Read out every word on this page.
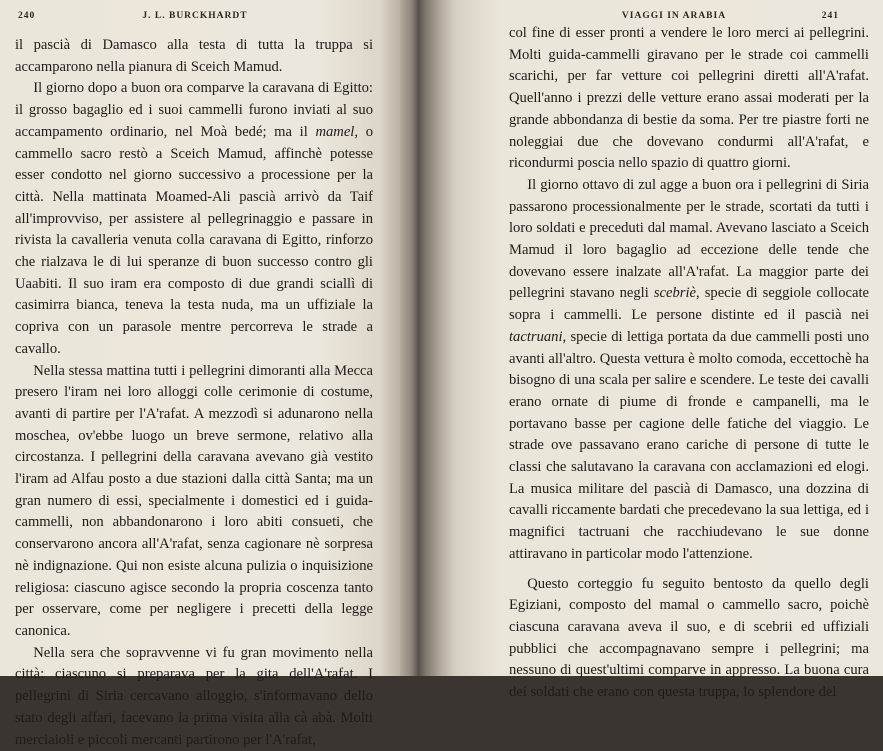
240	J. L. BURCKHARDT

il pascià di Damasco alla testa di tutta la truppa si accamparono nella pianura di Sceich Mamud.

Il giorno dopo a buon ora comparve la caravana di Egitto: il grosso bagaglio ed i suoi cammelli furono inviati al suo accampamento ordinario, nel Moà bedé; ma il mamel, o cammello sacro restò a Sceich Mamud, affinchè potesse esser condotto nel giorno successivo a processione per la città. Nella mattinata Moamed-Ali pascià arrivò da Taif all'improvviso, per assistere al pellegrinaggio e passare in rivista la cavalleria venuta colla caravana di Egitto, rinforzo che rialzava le di lui speranze di buon successo contro gli Uaabiti. Il suo iram era composto di due grandi sciallì di casimirra bianca, teneva la testa nuda, ma un uffiziale la copriva con un parasole mentre percorreva le strade a cavallo.

Nella stessa mattina tutti i pellegrini dimoranti alla Mecca presero l'iram nei loro alloggi colle cerimonie di costume, avanti di partire per l'A'rafat. A mezzodì si adunarono nella moschea, ov'ebbe luogo un breve sermone, relativo alla circostanza. I pellegrini della caravana avevano già vestito l'iram ad Alfau posto a due stazioni dalla città Santa; ma un gran numero di essi, specialmente i domestici ed i guida-cammelli, non abbandonarono i loro abiti consueti, che conservarono ancora all'A'rafat, senza cagionare nè sorpresa nè indignazione. Qui non esiste alcuna pulizia o inquisizione religiosa: ciascuno agisce secondo la propria coscenza tanto per osservare, come per negligere i precetti della legge canonica.

Nella sera che sopravvenne vi fu gran movimento nella città: ciascuno si preparava per la gita dell'A'rafat. I pellegrini di Siria cercavano alloggio, s'informavano dello stato degli affari, facevano la prima visita alla cà abà. Molti merciaioli e piccoli mercanti partirono per l'A'rafat,

VIAGGI IN ARABIA	241

col fine di esser pronti a vendere le loro merci ai pellegrini. Molti guida-cammelli giravano per le strade coi cammelli scarichi, per far vetture coi pellegrini diretti all'A'rafat. Quell'anno i prezzi delle vetture erano assai moderati per la grande abbondanza di bestie da soma. Per tre piastre forti ne noleggiai due che dovevano condurmi all'A'rafat, e ricondurmi poscia nello spazio di quattro giorni.

Il giorno ottavo di zul agge a buon ora i pellegrini di Siria passarono processionalmente per le strade, scortati da tutti i loro soldati e preceduti dal mamal. Avevano lasciato a Sceich Mamud il loro bagaglio ad eccezione delle tende che dovevano essere inalzate all'A'rafat. La maggior parte dei pellegrini stavano negli scebriè, specie di seggiole collocate sopra i cammelli. Le persone distinte ed il pascià nei tactruani, specie di lettiga portata da due cammelli posti uno avanti all'altro. Questa vettura è molto comoda, eccettochè ha bisogno di una scala per salire e scendere. Le teste dei cavalli erano ornate di piume di fronde e campanelli, ma le portavano basse per cagione delle fatiche del viaggio. Le strade ove passavano erano cariche di persone di tutte le classi che salutavano la caravana con acclamazioni ed elogi. La musica militare del pascià di Damasco, una dozzina di cavalli riccamente bardati che precedevano la sua lettiga, ed i magnifici tactruani che racchiudevano le sue donne attiravano in particolar modo l'attenzione.

Questo corteggio fu seguito bentosto da quello degli Egiziani, composto del mamal o cammello sacro, poichè ciascuna caravana aveva il suo, e di scebrii ed uffiziali pubblici che accompagnavano sempre i pellegrini; ma nessuno di quest'ultimi comparve in appresso. La buona cura dei soldati che erano con questa truppa, lo splendore del
